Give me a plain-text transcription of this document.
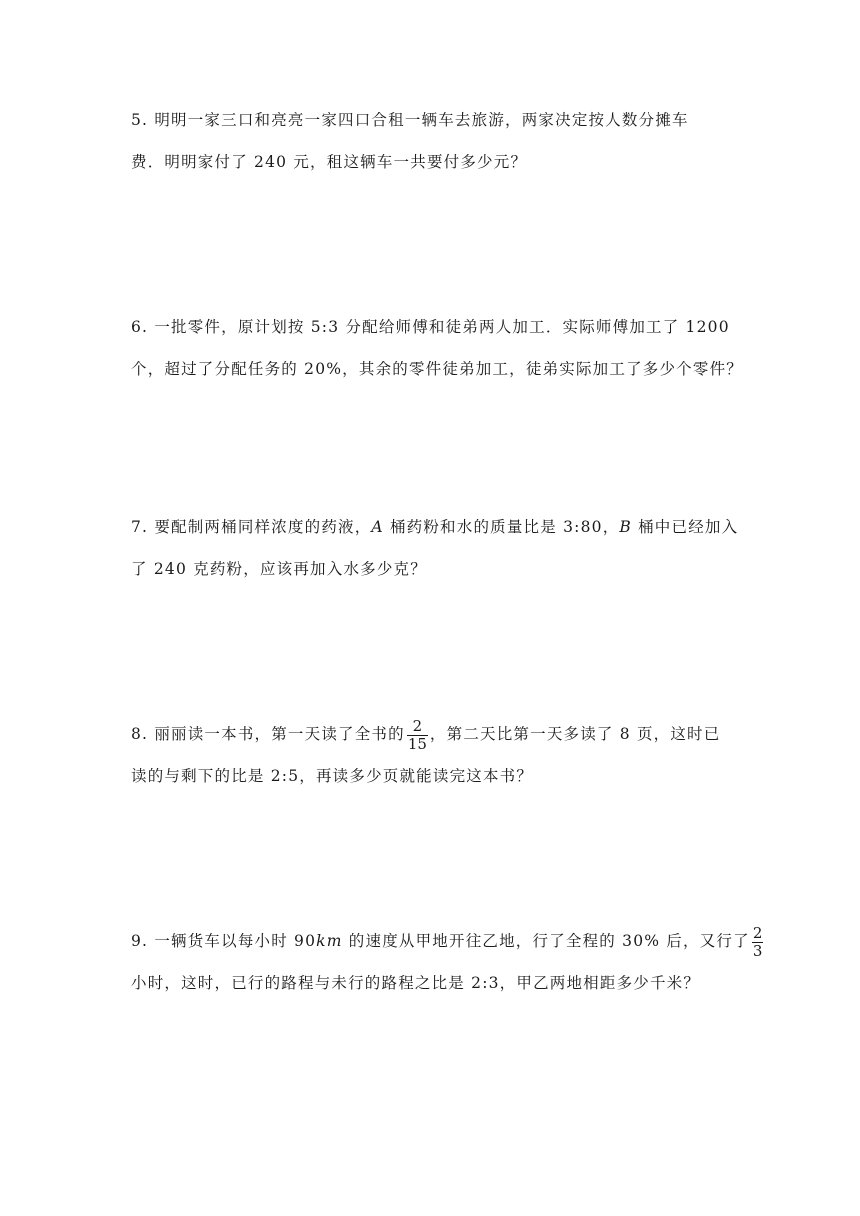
5. 明明一家三口和亮亮一家四口合租一辆车去旅游，两家决定按人数分摊车
费．明明家付了 240 元，租这辆车一共要付多少元？
6. 一批零件，原计划按 5:3 分配给师傅和徒弟两人加工．实际师傅加工了 1200
个，超过了分配任务的 20%，其余的零件徒弟加工，徒弟实际加工了多少个零件？
7. 要配制两桶同样浓度的药液，A 桶药粉和水的质量比是 3:80，B 桶中已经加入
了 240 克药粉，应该再加入水多少克？
8. 丽丽读一本书，第一天读了全书的 $\frac{2}{15}$ ，第二天比第一天多读了 8 页，这时已
读的与剩下的比是 2:5，再读多少页就能读完这本书？
9. 一辆货车以每小时 90km 的速度从甲地开往乙地，行了全程的 30% 后，又行了 $\frac{2}{3}$
小时，这时，已行的路程与未行的路程之比是 2:3，甲乙两地相距多少千米？
